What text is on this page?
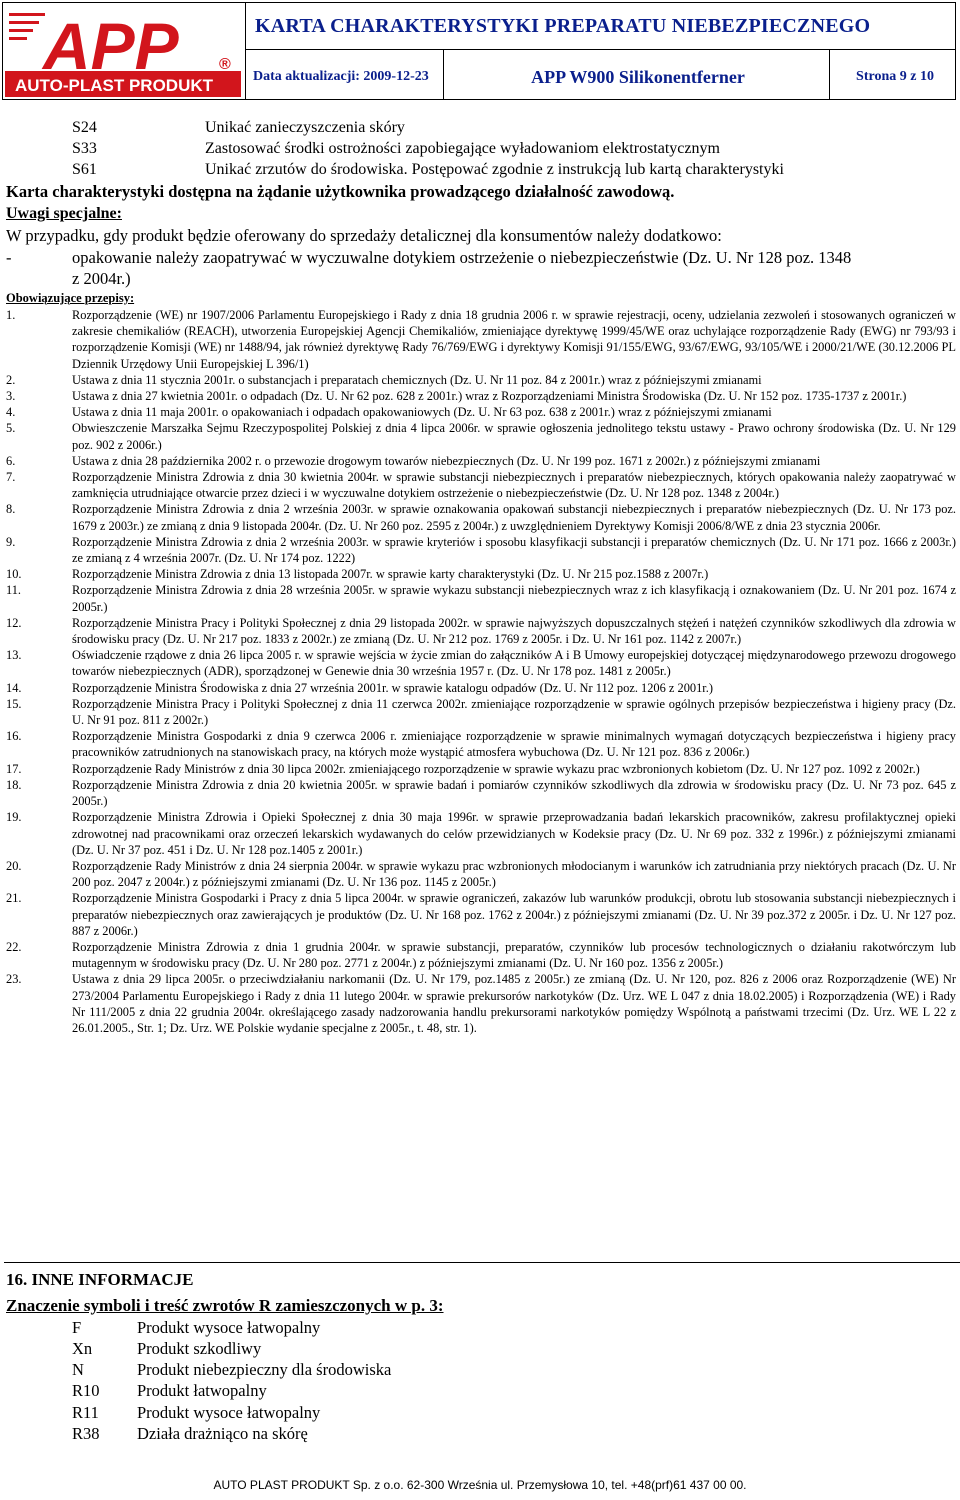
APP
AUTO-PLAST PRODUKT
®
KARTA CHARAKTERYSTYKI PREPARATU NIEBEZPIECZNEGO
Data aktualizacji: 2009-12-23	APP W900 Silikonentferner	Strona 9 z 10
S24	Unikać zanieczyszczenia skóry
S33	Zastosować środki ostrożności zapobiegające wyładowaniom elektrostatycznym
S61	Unikać zrzutów do środowiska. Postępować zgodnie z instrukcją lub kartą charakterystyki
Karta charakterystyki dostępna na żądanie użytkownika prowadzącego działalność zawodową.
Uwagi specjalne:
W przypadku, gdy produkt będzie oferowany do sprzedaży detalicznej dla konsumentów należy dodatkowo:
-	opakowanie należy zaopatrywać w wyczuwalne dotykiem ostrzeżenie o niebezpieczeństwie (Dz. U. Nr 128 poz. 1348
z 2004r.)
Obowiązujące przepisy:
1.	Rozporządzenie (WE) nr 1907/2006 Parlamentu Europejskiego i Rady z dnia 18 grudnia 2006 r. w sprawie rejestracji, oceny, udzielania zezwoleń i stosowanych ograniczeń w zakresie chemikaliów (REACH), utworzenia Europejskiej Agencji Chemikaliów, zmieniające dyrektywę 1999/45/WE oraz uchylające rozporządzenie Rady (EWG) nr 793/93 i rozporządzenie Komisji (WE) nr 1488/94, jak również dyrektywę Rady 76/769/EWG i dyrektywy Komisji 91/155/EWG, 93/67/EWG, 93/105/WE i 2000/21/WE (30.12.2006 PL Dziennik Urzędowy Unii Europejskiej L 396/1)
2.	Ustawa z dnia 11 stycznia 2001r. o substancjach i preparatach chemicznych (Dz. U. Nr 11 poz. 84 z 2001r.) wraz z późniejszymi zmianami
3.	Ustawa z dnia 27 kwietnia 2001r. o odpadach (Dz. U. Nr 62 poz. 628 z 2001r.) wraz z Rozporządzeniami Ministra Środowiska (Dz. U. Nr 152 poz. 1735-1737 z 2001r.)
4.	Ustawa z dnia 11 maja 2001r. o opakowaniach i odpadach opakowaniowych (Dz. U. Nr 63 poz. 638 z 2001r.) wraz z późniejszymi zmianami
5.	Obwieszczenie Marszałka Sejmu Rzeczypospolitej Polskiej z dnia 4 lipca 2006r. w sprawie ogłoszenia jednolitego tekstu ustawy - Prawo ochrony środowiska (Dz. U. Nr 129 poz. 902 z 2006r.)
6.	Ustawa z dnia 28 października 2002 r. o przewozie drogowym towarów niebezpiecznych (Dz. U. Nr 199 poz. 1671 z 2002r.) z późniejszymi zmianami
7.	Rozporządzenie Ministra Zdrowia z dnia 30 kwietnia 2004r. w sprawie substancji niebezpiecznych i preparatów niebezpiecznych, których opakowania należy zaopatrywać w zamknięcia utrudniające otwarcie przez dzieci i w wyczuwalne dotykiem ostrzeżenie o niebezpieczeństwie (Dz. U. Nr 128 poz. 1348 z 2004r.)
8.	Rozporządzenie Ministra Zdrowia z dnia 2 września 2003r. w sprawie oznakowania opakowań substancji niebezpiecznych i preparatów niebezpiecznych (Dz. U. Nr 173 poz. 1679 z 2003r.) ze zmianą z dnia 9 listopada 2004r. (Dz. U. Nr 260 poz. 2595 z 2004r.) z uwzględnieniem Dyrektywy Komisji 2006/8/WE z dnia 23 stycznia 2006r.
9.	Rozporządzenie Ministra Zdrowia z dnia 2 września 2003r. w sprawie kryteriów i sposobu klasyfikacji substancji i preparatów chemicznych (Dz. U. Nr 171 poz. 1666 z 2003r.) ze zmianą z 4 września 2007r. (Dz. U. Nr 174 poz. 1222)
10.	Rozporządzenie Ministra Zdrowia z dnia 13 listopada 2007r. w sprawie karty charakterystyki (Dz. U. Nr 215 poz.1588 z 2007r.)
11.	Rozporządzenie Ministra Zdrowia z dnia 28 września 2005r. w sprawie wykazu substancji niebezpiecznych wraz z ich klasyfikacją i oznakowaniem (Dz. U. Nr 201 poz. 1674 z 2005r.)
12.	Rozporządzenie Ministra Pracy i Polityki Społecznej z dnia 29 listopada 2002r. w sprawie najwyższych dopuszczalnych stężeń i natężeń czynników szkodliwych dla zdrowia w środowisku pracy (Dz. U. Nr 217 poz. 1833 z 2002r.) ze zmianą (Dz. U. Nr 212 poz. 1769 z 2005r. i Dz. U. Nr 161 poz. 1142 z 2007r.)
13.	Oświadczenie rządowe z dnia 26 lipca 2005 r. w sprawie wejścia w życie zmian do załączników A i B Umowy europejskiej dotyczącej międzynarodowego przewozu drogowego towarów niebezpiecznych (ADR), sporządzonej w Genewie dnia 30 września 1957 r. (Dz. U. Nr 178 poz. 1481 z 2005r.)
14.	Rozporządzenie Ministra Środowiska z dnia 27 września 2001r. w sprawie katalogu odpadów (Dz. U. Nr 112 poz. 1206 z 2001r.)
15.	Rozporządzenie Ministra Pracy i Polityki Społecznej z dnia 11 czerwca 2002r. zmieniające rozporządzenie w sprawie ogólnych przepisów bezpieczeństwa i higieny pracy (Dz. U. Nr 91 poz. 811 z 2002r.)
16.	Rozporządzenie Ministra Gospodarki z dnia 9 czerwca 2006 r. zmieniające rozporządzenie w sprawie minimalnych wymagań dotyczących bezpieczeństwa i higieny pracy pracowników zatrudnionych na stanowiskach pracy, na których może wystąpić atmosfera wybuchowa (Dz. U. Nr 121 poz. 836 z 2006r.)
17.	Rozporządzenie Rady Ministrów z dnia 30 lipca 2002r. zmieniającego rozporządzenie w sprawie wykazu prac wzbronionych kobietom (Dz. U. Nr 127 poz. 1092 z 2002r.)
18.	Rozporządzenie Ministra Zdrowia z dnia 20 kwietnia 2005r. w sprawie badań i pomiarów czynników szkodliwych dla zdrowia w środowisku pracy (Dz. U. Nr 73 poz. 645 z 2005r.)
19.	Rozporządzenie Ministra Zdrowia i Opieki Społecznej z dnia 30 maja 1996r. w sprawie przeprowadzania badań lekarskich pracowników, zakresu profilaktycznej opieki zdrowotnej nad pracownikami oraz orzeczeń lekarskich wydawanych do celów przewidzianych w Kodeksie pracy (Dz. U. Nr 69 poz. 332 z 1996r.) z późniejszymi zmianami (Dz. U. Nr 37 poz. 451 i Dz. U. Nr 128 poz.1405 z 2001r.)
20.	Rozporządzenie Rady Ministrów z dnia 24 sierpnia 2004r. w sprawie wykazu prac wzbronionych młodocianym i warunków ich zatrudniania przy niektórych pracach (Dz. U. Nr 200 poz. 2047 z 2004r.) z późniejszymi zmianami (Dz. U. Nr 136 poz. 1145 z 2005r.)
21.	Rozporządzenie Ministra Gospodarki i Pracy z dnia 5 lipca 2004r. w sprawie ograniczeń, zakazów lub warunków produkcji, obrotu lub stosowania substancji niebezpiecznych i preparatów niebezpiecznych oraz zawierających je produktów (Dz. U. Nr 168 poz. 1762 z 2004r.) z późniejszymi zmianami (Dz. U. Nr 39 poz.372 z 2005r. i Dz. U. Nr 127 poz. 887 z 2006r.)
22.	Rozporządzenie Ministra Zdrowia z dnia 1 grudnia 2004r. w sprawie substancji, preparatów, czynników lub procesów technologicznych o działaniu rakotwórczym lub mutagennym w środowisku pracy (Dz. U. Nr 280 poz. 2771 z 2004r.) z późniejszymi zmianami (Dz. U. Nr 160 poz. 1356 z 2005r.)
23.	Ustawa z dnia 29 lipca 2005r. o przeciwdziałaniu narkomanii (Dz. U. Nr 179, poz.1485 z 2005r.) ze zmianą (Dz. U. Nr 120, poz. 826 z 2006 oraz Rozporządzenie (WE) Nr 273/2004 Parlamentu Europejskiego i Rady z dnia 11 lutego 2004r. w sprawie prekursorów narkotyków (Dz. Urz. WE L 047 z dnia 18.02.2005) i Rozporządzenia (WE) i Rady Nr 111/2005 z dnia 22 grudnia 2004r. określającego zasady nadzorowania handlu prekursorami narkotyków pomiędzy Wspólnotą a państwami trzecimi (Dz. Urz. WE L 22 z 26.01.2005., Str. 1; Dz. Urz. WE Polskie wydanie specjalne z 2005r., t. 48, str. 1).
16. INNE INFORMACJE
Znaczenie symboli i treść zwrotów R zamieszczonych w p. 3:
F	Produkt wysoce łatwopalny
Xn	Produkt szkodliwy
N	Produkt niebezpieczny dla środowiska
R10 Produkt łatwopalny
R11 Produkt wysoce łatwopalny
R38 Działa drażniąco na skórę
AUTO PLAST PRODUKT Sp. z o.o. 62-300 Września ul. Przemysłowa 10, tel. +48(prf)61 437 00 00.
